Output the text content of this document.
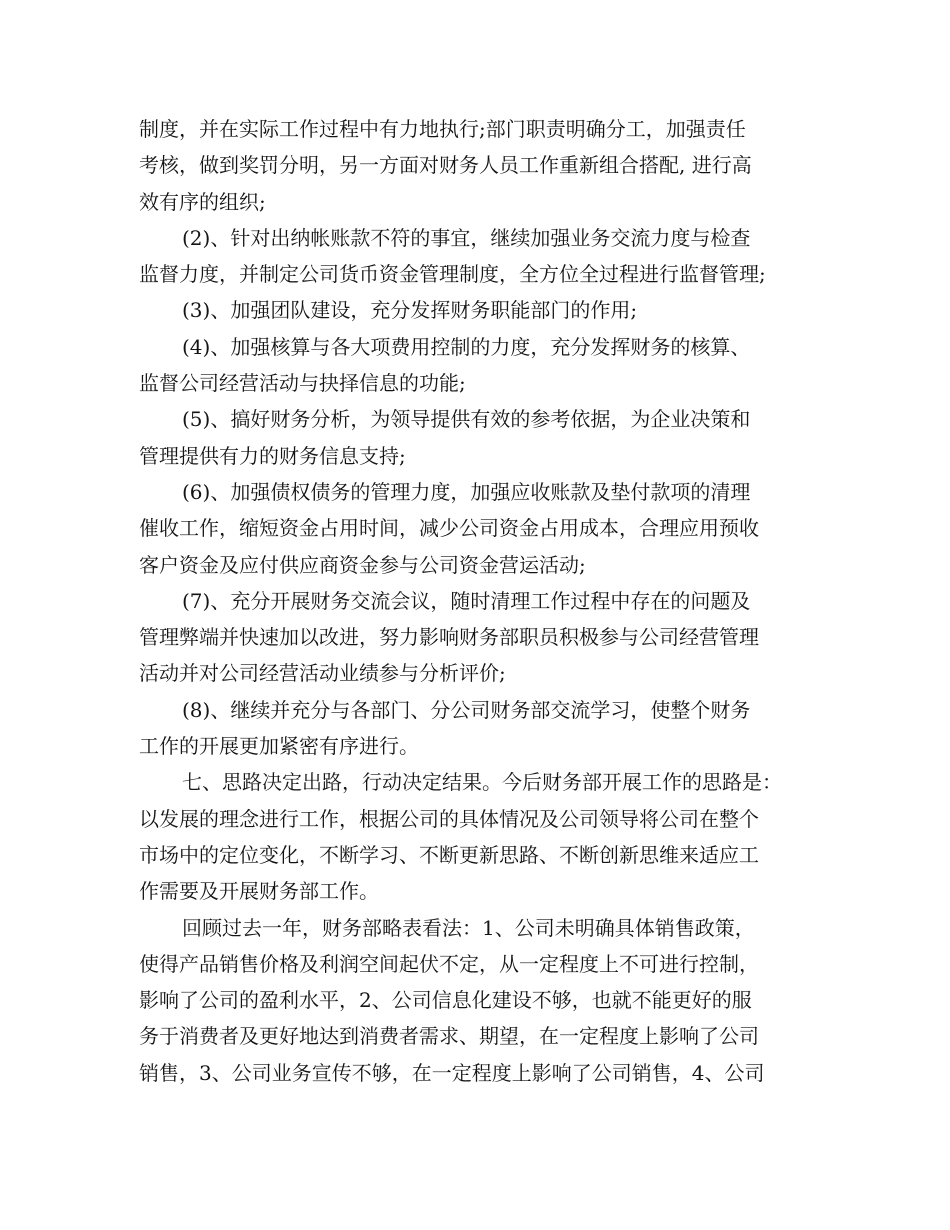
制度，并在实际工作过程中有力地执行;部门职责明确分工，加强责任
考核，做到奖罚分明，另一方面对财务人员工作重新组合搭配, 进行高
效有序的组织;
(2)、针对出纳帐账款不符的事宜，继续加强业务交流力度与检查
监督力度，并制定公司货币资金管理制度，全方位全过程进行监督管理;
(3)、加强团队建设，充分发挥财务职能部门的作用;
(4)、加强核算与各大项费用控制的力度，充分发挥财务的核算、
监督公司经营活动与抉择信息的功能;
(5)、搞好财务分析，为领导提供有效的参考依据，为企业决策和
管理提供有力的财务信息支持;
(6)、加强债权债务的管理力度，加强应收账款及垫付款项的清理
催收工作，缩短资金占用时间，减少公司资金占用成本，合理应用预收
客户资金及应付供应商资金参与公司资金营运活动;
(7)、充分开展财务交流会议，随时清理工作过程中存在的问题及
管理弊端并快速加以改进，努力影响财务部职员积极参与公司经营管理
活动并对公司经营活动业绩参与分析评价;
(8)、继续并充分与各部门、分公司财务部交流学习，使整个财务
工作的开展更加紧密有序进行。
七、思路决定出路，行动决定结果。今后财务部开展工作的思路是：
以发展的理念进行工作，根据公司的具体情况及公司领导将公司在整个
市场中的定位变化，不断学习、不断更新思路、不断创新思维来适应工
作需要及开展财务部工作。
回顾过去一年，财务部略表看法：1、公司未明确具体销售政策，
使得产品销售价格及利润空间起伏不定，从一定程度上不可进行控制，
影响了公司的盈利水平，2、公司信息化建设不够，也就不能更好的服
务于消费者及更好地达到消费者需求、期望，在一定程度上影响了公司
销售，3、公司业务宣传不够，在一定程度上影响了公司销售，4、公司
